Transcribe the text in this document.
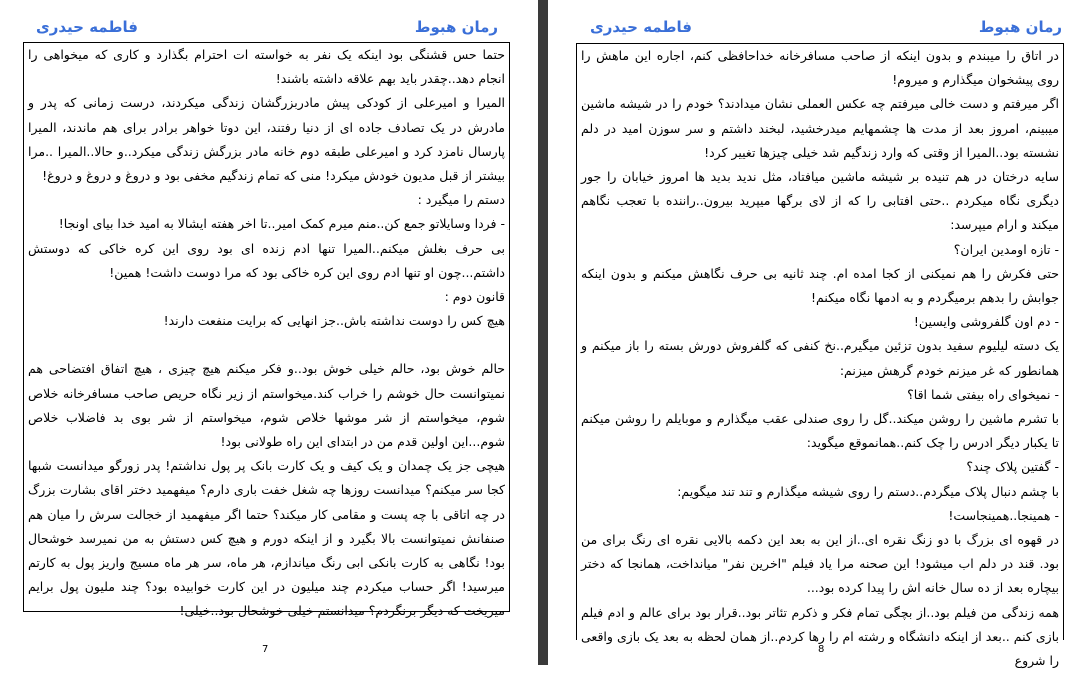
فاطمه حیدری	رمان هبوط

حتما حس قشنگی بود اینکه یک نفر به خواسته ات احترام بگذارد و کاری که میخواهی را انجام دهد..چقدر باید بهم علاقه داشته باشند!

المیرا و امیرعلی از کودکی پیش مادربزرگشان زندگی میکردند، درست زمانی که پدر و مادرش در یک تصادف جاده ای از دنیا رفتند، این دوتا خواهر برادر برای هم ماندند، المیرا پارسال نامزد کرد و امیرعلی طبقه دوم خانه مادر بزرگش زندگی میکرد..و حالا..المیرا ..مرا بیشتر از قبل مدیون خودش میکرد! منی که تمام زندگیم مخفی بود و دروغ و دروغ و دروغ!

دستم را میگیرد :

- فردا وسایلاتو جمع کن..منم میرم کمک امیر..تا اخر هفته ایشالا به امید خدا بیای اونجا!

بی حرف بغلش میکنم..المیرا تنها ادم زنده ای بود روی این کره خاکی که دوستش داشتم...چون او تنها ادم روی این کره خاکی بود که مرا دوست داشت! همین!

قانون دوم :

هیچ کس را دوست نداشته باش..جز انهایی که برایت منفعت دارند!

حالم خوش بود، حالم خیلی خوش بود..و فکر میکنم هیچ چیزی ، هیچ اتفاق افتضاحی هم نمیتوانست حال خوشم را خراب کند.میخواستم از زیر نگاه حریص صاحب مسافرخانه خلاص شوم، میخواستم از شر موشها خلاص شوم، میخواستم از شر بوی بد فاضلاب خلاص شوم...این اولین قدم من در ابتدای این راه طولانی بود!

هیچی جز یک چمدان و یک کیف و یک کارت بانک پر پول نداشتم! پدر زورگو میدانست شبها کجا سر میکنم؟ میدانست روزها چه شغل خفت باری دارم؟ میفهمید دختر اقای بشارت بزرگ در چه اتاقی با چه پست و مقامی کار میکند؟ حتما اگر میفهمید از خجالت سرش را میان هم صنفانش نمیتوانست بالا بگیرد و از اینکه دورم و هیچ کس دستش به من نمیرسد خوشحال بود! نگاهی به کارت بانکی ابی رنگ میاندازم، هر ماه، سر هر ماه مسیج واریز پول به کارتم میرسید! اگر حساب میکردم چند میلیون در این کارت خوابیده بود؟ چند ملیون پول برایم میریخت که دیگر برنگردم؟ میدانستم خیلی خوشحال بود..خیلی!

7
فاطمه حیدری	رمان هبوط

در اتاق را میبندم و بدون اینکه از صاحب مسافرخانه خداحافظی کنم، اجاره این ماهش را روی پیشخوان میگذارم و میروم!

اگر میرفتم و دست خالی میرفتم چه عکس العملی نشان میدادند؟ خودم را در شیشه ماشین میبینم، امروز بعد از مدت ها چشمهایم میدرخشید، لبخند داشتم و سر سوزن امید در دلم نشسته بود..المیرا از وقتی که وارد زندگیم شد خیلی چیزها تغییر کرد!

سایه درختان در هم تنیده بر شیشه ماشین میافتاد، مثل ندید بدید ها امروز خیابان را جور دیگری نگاه میکردم ..حتی افتابی را که از لای برگها میپرید بیرون..راننده با تعجب نگاهم میکند و ارام میپرسد:

- تازه اومدین ایران؟

حتی فکرش را هم نمیکنی از کجا امده ام. چند ثانیه بی حرف نگاهش میکنم و بدون اینکه جوابش را بدهم برمیگردم و به ادمها نگاه میکنم!

- دم اون گلفروشی وایسین!

یک دسته لیلیوم سفید بدون تزئین میگیرم..نخ کنفی که گلفروش دورش بسته را باز میکنم و همانطور که غر میزنم خودم گرهش میزنم:

- نمیخوای راه بیفتی شما اقا؟

با تشرم ماشین را روشن میکند..گل را روی صندلی عقب میگذارم و موبایلم را روشن میکنم تا یکبار دیگر ادرس را چک کنم..همانموقع میگوید:

- گفتین پلاک چند؟

با چشم دنبال پلاک میگردم..دستم را روی شیشه میگذارم و تند تند میگویم:

- همینجا..همینجاست!

در قهوه ای بزرگ با دو زنگ نقره ای..از این به بعد این دکمه بالایی نقره ای رنگ برای من بود. قند در دلم اب میشود! این صحنه مرا یاد فیلم "اخرین نفر" میانداخت، همانجا که دختر بیچاره بعد از ده سال خانه اش را پیدا کرده بود...

همه زندگی من فیلم بود..از بچگی تمام فکر و ذکرم تئاتر بود..قرار بود برای عالم و ادم فیلم بازی کنم ..بعد از اینکه دانشگاه و رشته ام را رها کردم..از همان لحظه به بعد یک بازی واقعی را شروع

8
